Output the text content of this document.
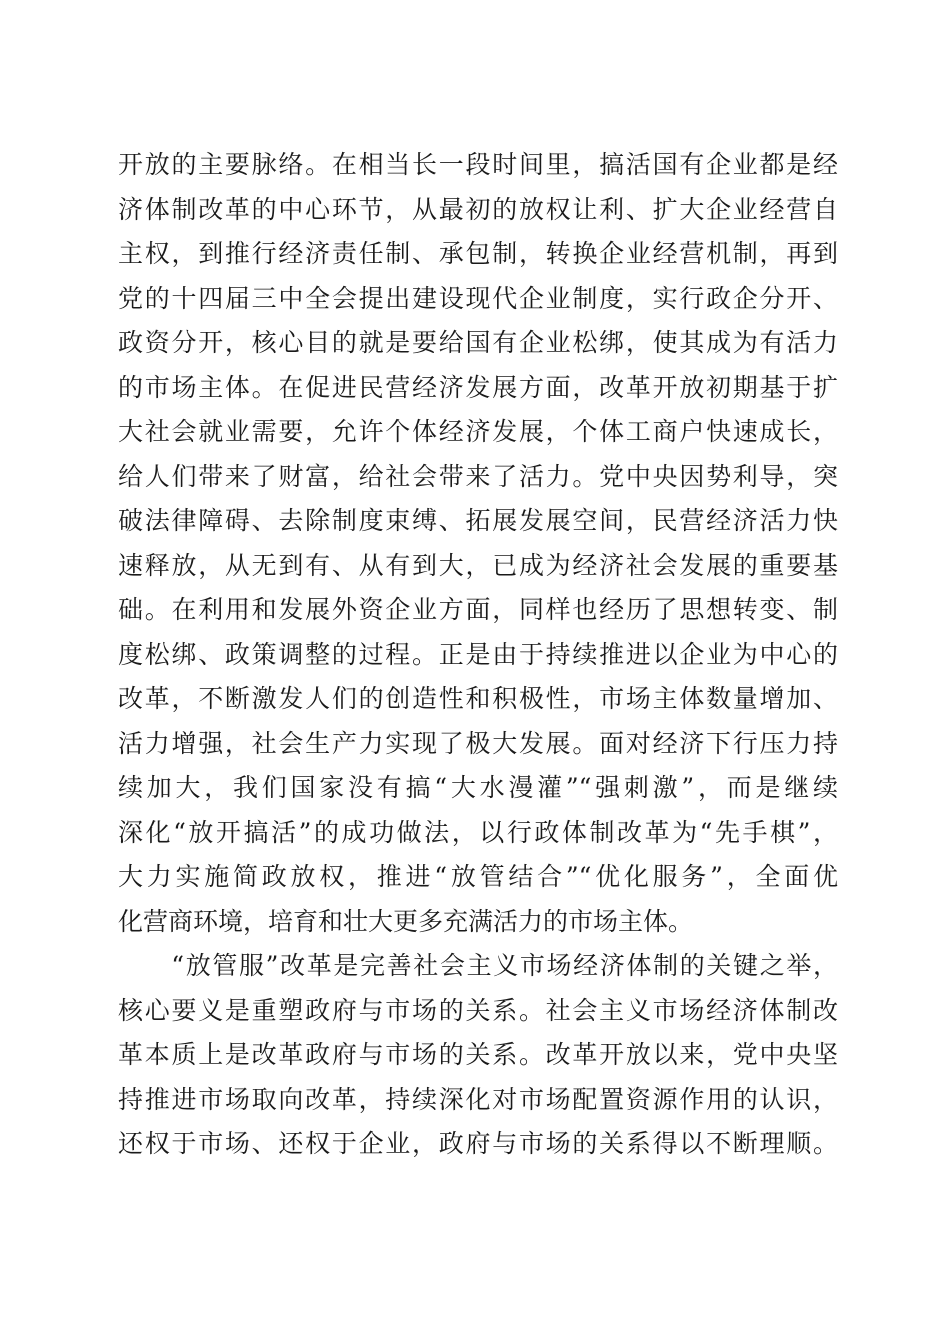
开放的主要脉络。在相当长一段时间里，搞活国有企业都是经
济体制改革的中心环节，从最初的放权让利、扩大企业经营自
主权，到推行经济责任制、承包制，转换企业经营机制，再到
党的十四届三中全会提出建设现代企业制度，实行政企分开、
政资分开，核心目的就是要给国有企业松绑，使其成为有活力
的市场主体。在促进民营经济发展方面，改革开放初期基于扩
大社会就业需要，允许个体经济发展，个体工商户快速成长，
给人们带来了财富，给社会带来了活力。党中央因势利导，突
破法律障碍、去除制度束缚、拓展发展空间，民营经济活力快
速释放，从无到有、从有到大，已成为经济社会发展的重要基
础。在利用和发展外资企业方面，同样也经历了思想转变、制
度松绑、政策调整的过程。正是由于持续推进以企业为中心的
改革，不断激发人们的创造性和积极性，市场主体数量增加、
活力增强，社会生产力实现了极大发展。面对经济下行压力持
续加大，我们国家没有搞“大水漫灌”“强刺激”，而是继续
深化“放开搞活”的成功做法，以行政体制改革为“先手棋”，
大力实施简政放权，推进“放管结合”“优化服务”，全面优
化营商环境，培育和壮大更多充满活力的市场主体。
　　“放管服”改革是完善社会主义市场经济体制的关键之举，
核心要义是重塑政府与市场的关系。社会主义市场经济体制改
革本质上是改革政府与市场的关系。改革开放以来，党中央坚
持推进市场取向改革，持续深化对市场配置资源作用的认识，
还权于市场、还权于企业，政府与市场的关系得以不断理顺。
